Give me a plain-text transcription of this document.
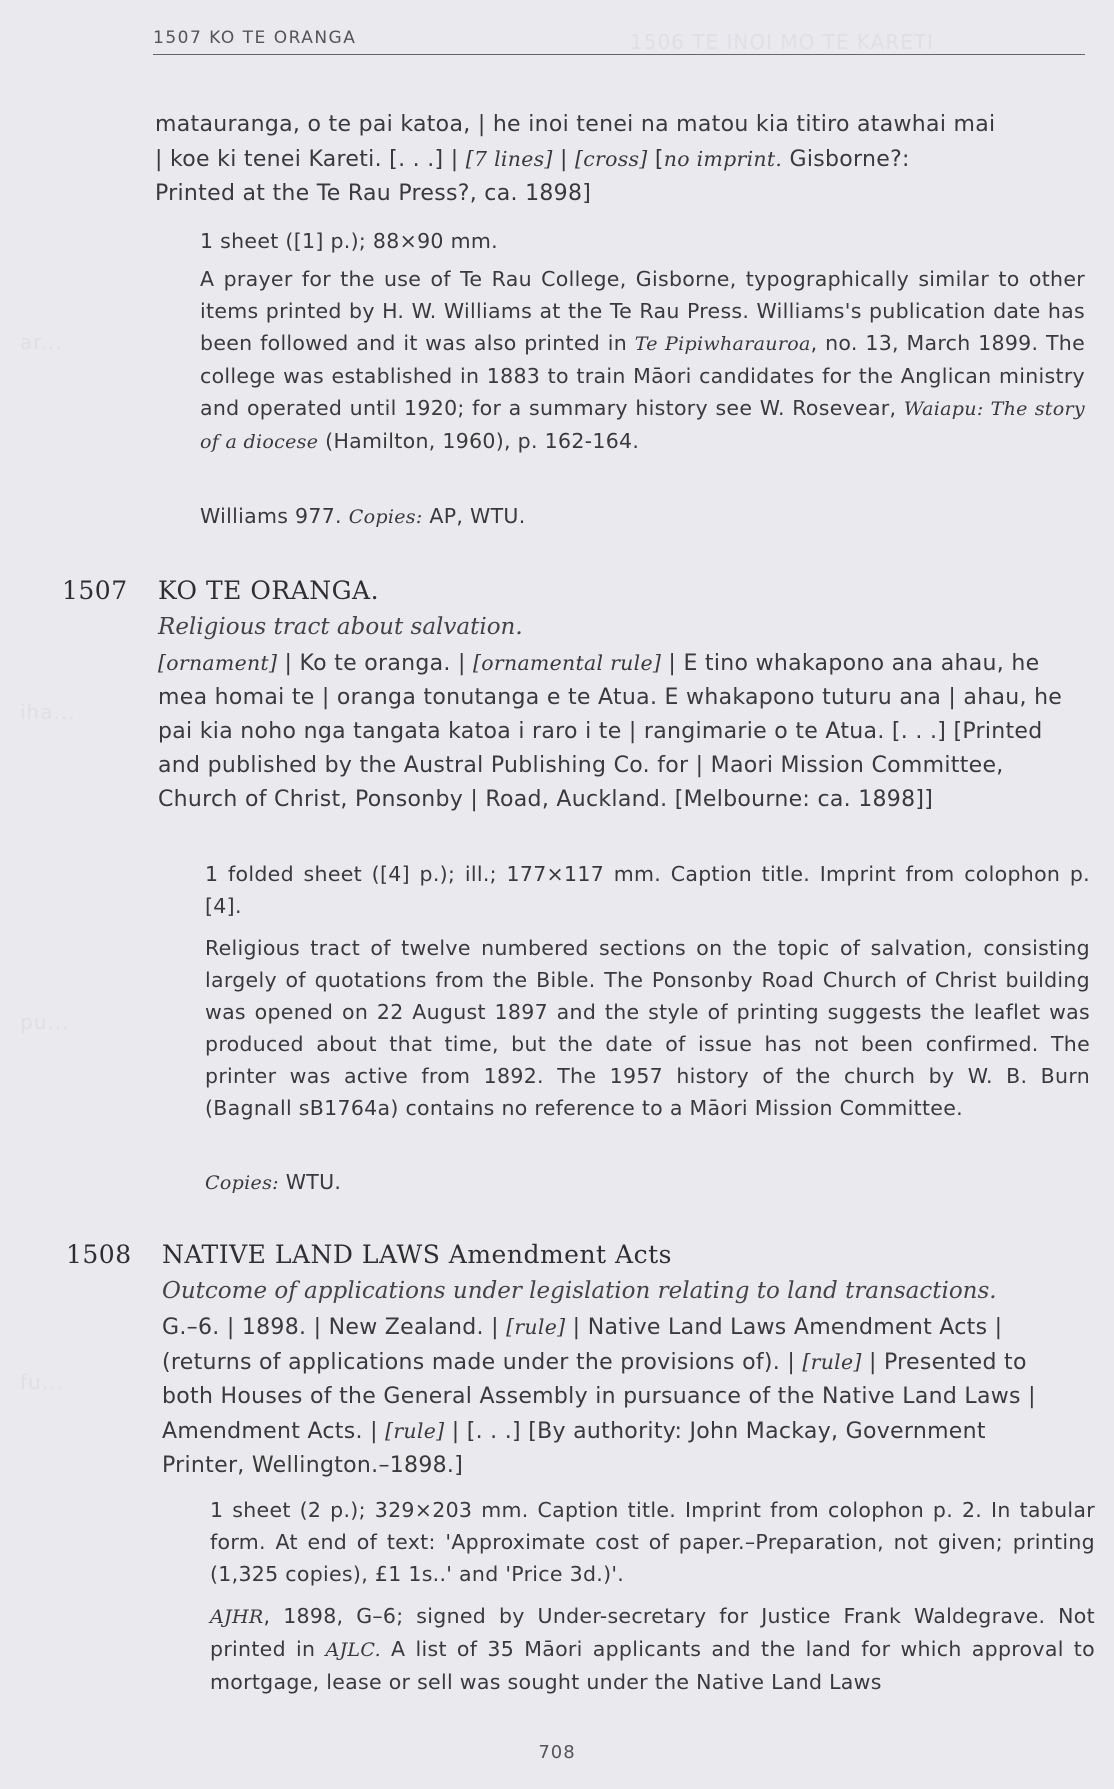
1506 TE INOI MO TE KARETI
ar...
iha...
pu...
fu...
1507 KO TE ORANGA
matauranga, o te pai katoa, | he inoi tenei na matou kia titiro atawhai mai
| koe ki tenei Kareti. [. . .] | [7 lines] | [cross] [no imprint. Gisborne?:
Printed at the Te Rau Press?, ca. 1898]
1 sheet ([1] p.); 88×90 mm.
A prayer for the use of Te Rau College, Gisborne, typographically similar to other items printed by H. W. Williams at the Te Rau Press. Williams's publication date has been followed and it was also printed in Te Pipiwharauroa, no. 13, March 1899. The college was established in 1883 to train Māori candidates for the Anglican ministry and operated until 1920; for a summary history see W. Rosevear, Waiapu: The story of a diocese (Hamilton, 1960), p. 162-164.
Williams 977. Copies: AP, WTU.
1507 KO TE ORANGA.
Religious tract about salvation.
[ornament] | Ko te oranga. | [ornamental rule] | E tino whakapono ana ahau, he mea homai te | oranga tonutanga e te Atua. E whakapono tuturu ana | ahau, he pai kia noho nga tangata katoa i raro i te | rangimarie o te Atua. [. . .] [Printed and published by the Austral Publishing Co. for | Maori Mission Committee, Church of Christ, Ponsonby | Road, Auckland. [Melbourne: ca. 1898]]
1 folded sheet ([4] p.); ill.; 177×117 mm. Caption title. Imprint from colophon p. [4].
Religious tract of twelve numbered sections on the topic of salvation, consisting largely of quotations from the Bible. The Ponsonby Road Church of Christ building was opened on 22 August 1897 and the style of printing suggests the leaflet was produced about that time, but the date of issue has not been confirmed. The printer was active from 1892. The 1957 history of the church by W. B. Burn (Bagnall sB1764a) contains no reference to a Māori Mission Committee.
Copies: WTU.
1508 NATIVE LAND LAWS Amendment Acts
Outcome of applications under legislation relating to land transactions.
G.–6. | 1898. | New Zealand. | [rule] | Native Land Laws Amendment Acts | (returns of applications made under the provisions of). | [rule] | Presented to both Houses of the General Assembly in pursuance of the Native Land Laws | Amendment Acts. | [rule] | [. . .] [By authority: John Mackay, Government Printer, Wellington.–1898.]
1 sheet (2 p.); 329×203 mm. Caption title. Imprint from colophon p. 2. In tabular form. At end of text: 'Approximate cost of paper.–Preparation, not given; printing (1,325 copies), £1 1s..' and 'Price 3d.)'.
AJHR, 1898, G–6; signed by Under-secretary for Justice Frank Waldegrave. Not printed in AJLC. A list of 35 Māori applicants and the land for which approval to mortgage, lease or sell was sought under the Native Land Laws
708
